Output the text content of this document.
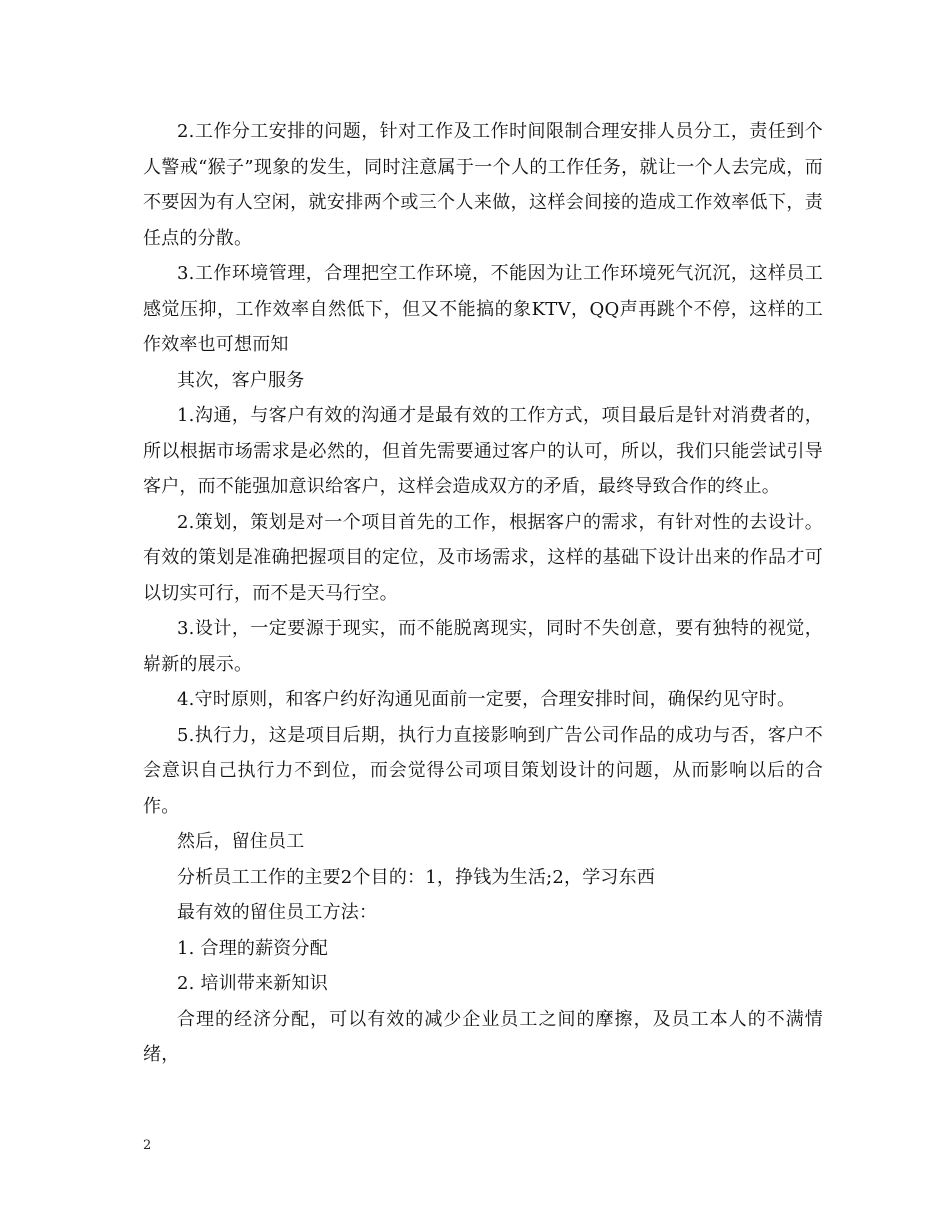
2.工作分工安排的问题，针对工作及工作时间限制合理安排人员分工，责任到个人警戒“猴子”现象的发生，同时注意属于一个人的工作任务，就让一个人去完成，而不要因为有人空闲，就安排两个或三个人来做，这样会间接的造成工作效率低下，责任点的分散。

3.工作环境管理，合理把空工作环境，不能因为让工作环境死气沉沉，这样员工感觉压抑，工作效率自然低下，但又不能搞的象KTV，QQ声再跳个不停，这样的工作效率也可想而知

其次，客户服务

1.沟通，与客户有效的沟通才是最有效的工作方式，项目最后是针对消费者的，所以根据市场需求是必然的，但首先需要通过客户的认可，所以，我们只能尝试引导客户，而不能强加意识给客户，这样会造成双方的矛盾，最终导致合作的终止。

2.策划，策划是对一个项目首先的工作，根据客户的需求，有针对性的去设计。有效的策划是准确把握项目的定位，及市场需求，这样的基础下设计出来的作品才可以切实可行，而不是天马行空。

3.设计，一定要源于现实，而不能脱离现实，同时不失创意，要有独特的视觉，崭新的展示。

4.守时原则，和客户约好沟通见面前一定要，合理安排时间，确保约见守时。

5.执行力，这是项目后期，执行力直接影响到广告公司作品的成功与否，客户不会意识自己执行力不到位，而会觉得公司项目策划设计的问题，从而影响以后的合作。

然后，留住员工

分析员工工作的主要2个目的：1，挣钱为生活;2，学习东西

最有效的留住员工方法：

1. 合理的薪资分配

2. 培训带来新知识

合理的经济分配，可以有效的减少企业员工之间的摩擦，及员工本人的不满情绪，

2
